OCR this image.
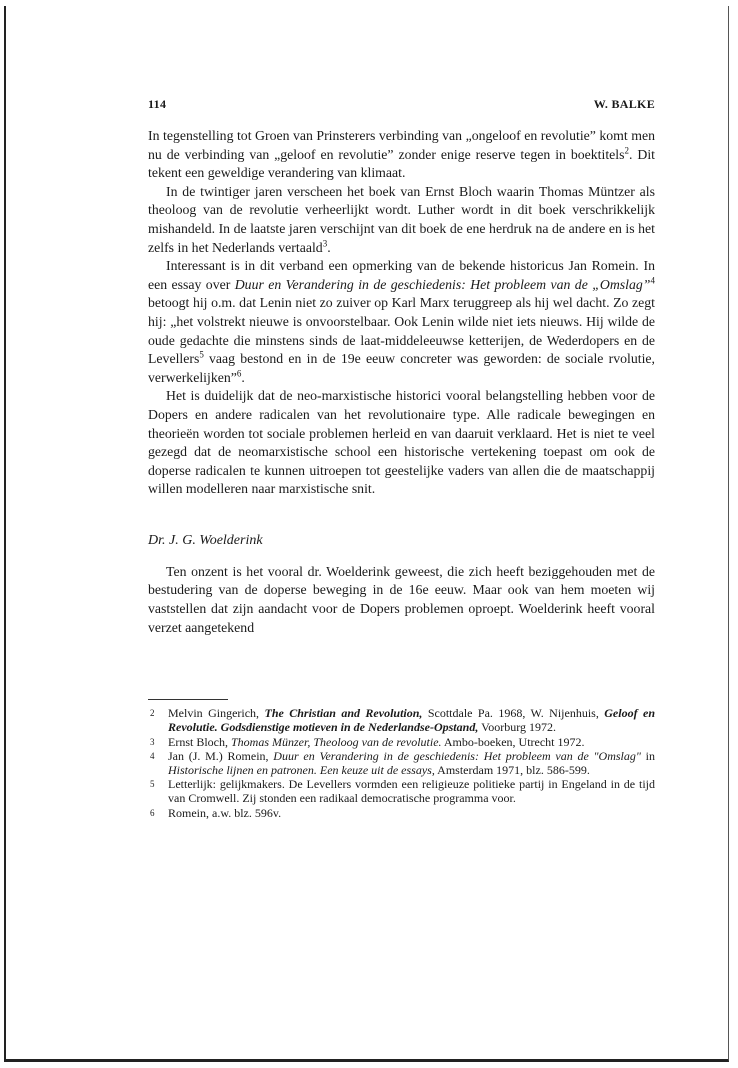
114	W. BALKE

In tegenstelling tot Groen van Prinsterers verbinding van „ongeloof en revolutie” komt men nu de verbinding van „geloof en revolutie” zonder enige reserve tegen in boektitels$^2$. Dit tekent een geweldige verandering van klimaat.

In de twintiger jaren verscheen het boek van Ernst Bloch waarin Thomas Müntzer als theoloog van de revolutie verheerlijkt wordt. Luther wordt in dit boek verschrikkelijk mishandeld. In de laatste jaren verschijnt van dit boek de ene herdruk na de andere en is het zelfs in het Nederlands vertaald$^3$.

Interessant is in dit verband een opmerking van de bekende historicus Jan Romein. In een essay over Duur en Verandering in de geschiedenis: Het probleem van de „Omslag”$^4$ betoogt hij o.m. dat Lenin niet zo zuiver op Karl Marx teruggreep als hij wel dacht. Zo zegt hij: „het volstrekt nieuwe is onvoorstelbaar. Ook Lenin wilde niet iets nieuws. Hij wilde de oude gedachte die minstens sinds de laat-middeleeuwse ketterijen, de Wederdopers en de Levellers$^5$ vaag bestond en in de 19e eeuw concreter was geworden: de sociale rvolutie, verwerkelijken”$^6$.

Het is duidelijk dat de neo-marxistische historici vooral belangstelling hebben voor de Dopers en andere radicalen van het revolutionaire type. Alle radicale bewegingen en theorieën worden tot sociale problemen herleid en van daaruit verklaard. Het is niet te veel gezegd dat de neomarxistische school een historische vertekening toepast om ook de doperse radicalen te kunnen uitroepen tot geestelijke vaders van allen die de maatschappij willen modelleren naar marxistische snit.

Dr. J. G. Woelderink

Ten onzent is het vooral dr. Woelderink geweest, die zich heeft beziggehouden met de bestudering van de doperse beweging in de 16e eeuw. Maar ook van hem moeten wij vaststellen dat zijn aandacht voor de Dopers problemen oproept. Woelderink heeft vooral verzet aangetekend

2 Melvin Gingerich, The Christian and Revolution, Scottdale Pa. 1968, W. Nijenhuis, Geloof en Revolutie. Godsdienstige motieven in de Nederlandse-Opstand, Voorburg 1972.
3 Ernst Bloch, Thomas Münzer, Theoloog van de revolutie. Ambo-boeken, Utrecht 1972.
4 Jan (J. M.) Romein, Duur en Verandering in de geschiedenis: Het probleem van de "Omslag" in Historische lijnen en patronen. Een keuze uit de essays, Amsterdam 1971, blz. 586-599.
5 Letterlijk: gelijkmakers. De Levellers vormden een religieuze politieke partij in Engeland in de tijd van Cromwell. Zij stonden een radikaal democratische programma voor.
6 Romein, a.w. blz. 596v.
